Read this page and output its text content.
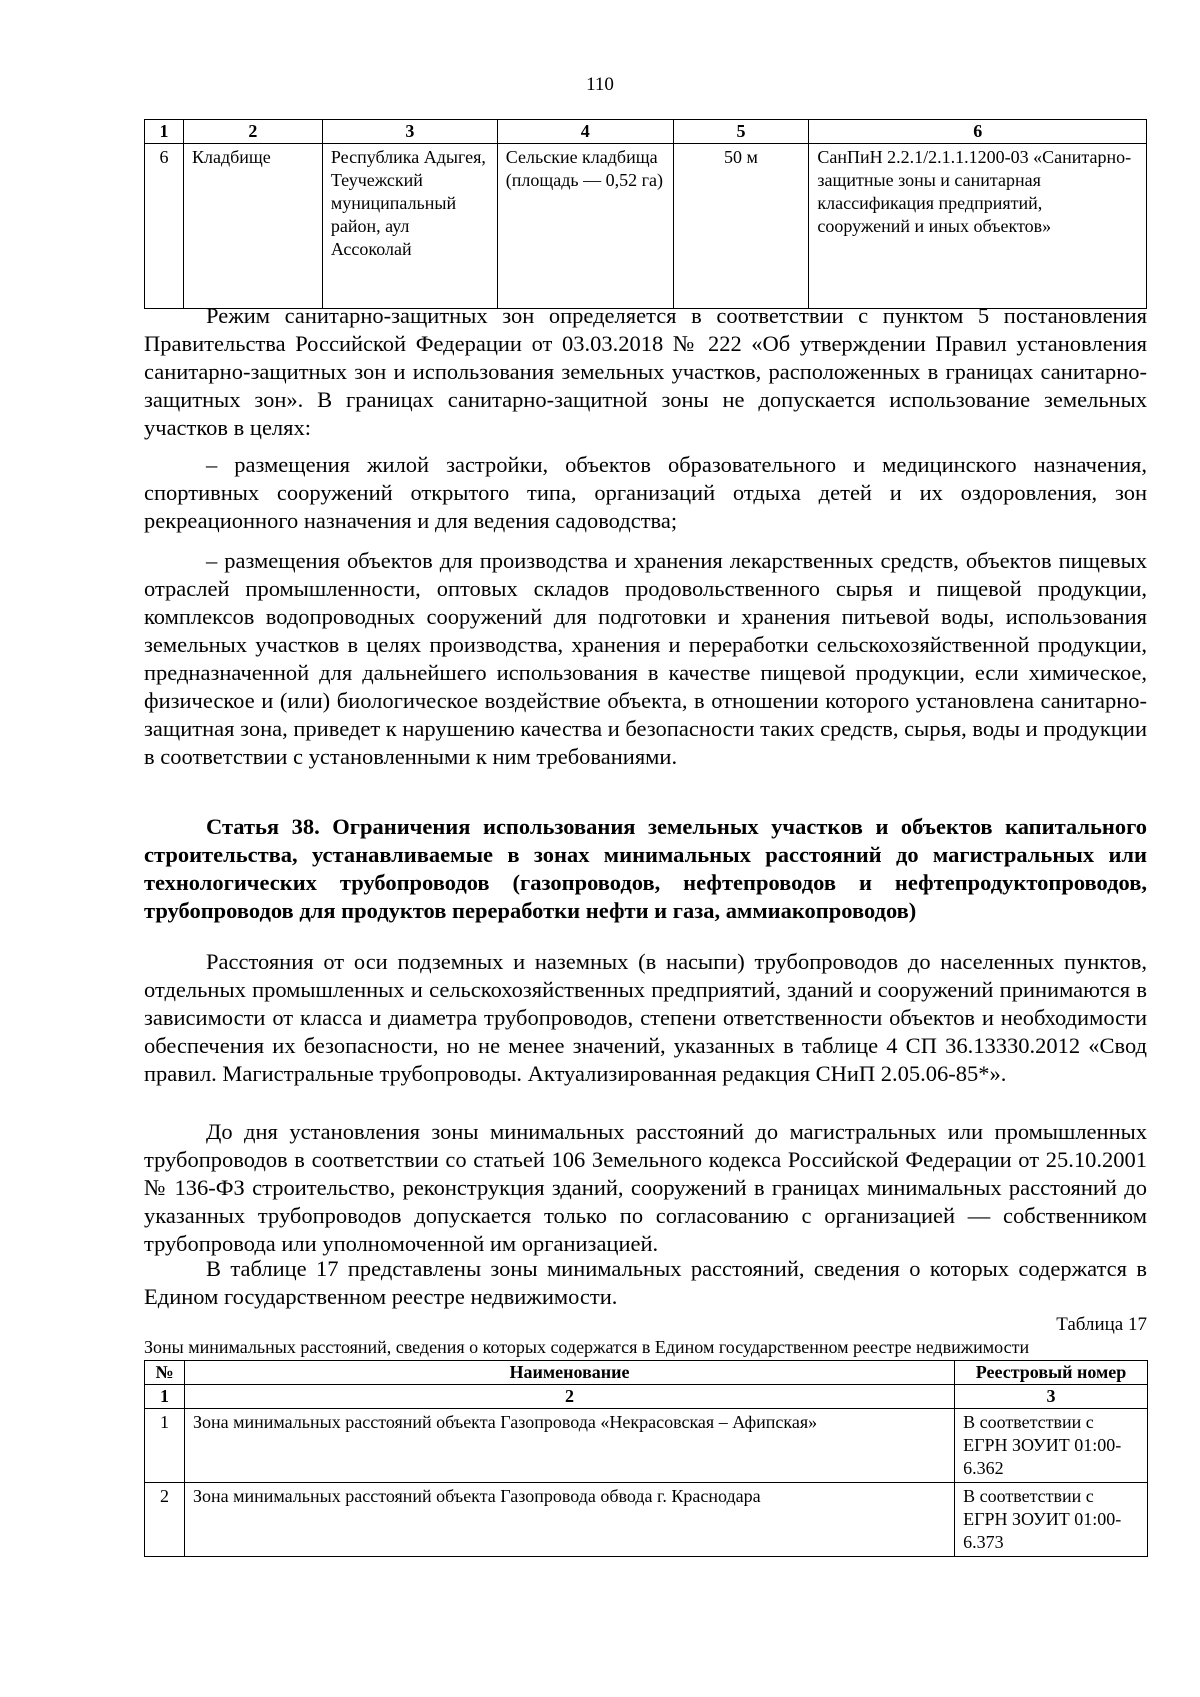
110
1	2	3	4	5	6
6	Кладбище	Республика Адыгея, Теучежский муниципальный район, аул Ассоколай	Сельские кладбища (площадь — 0,52 га)	50 м	СанПиН 2.2.1/2.1.1.1200-03 «Санитарно-защитные зоны и санитарная классификация предприятий, сооружений и иных объектов»

Режим санитарно-защитных зон определяется в соответствии с пунктом 5 постановления Правительства Российской Федерации от 03.03.2018 № 222 «Об утверждении Правил установления санитарно-защитных зон и использования земельных участков, расположенных в границах санитарно-защитных зон». В границах санитарно-защитной зоны не допускается использование земельных участков в целях:

– размещения жилой застройки, объектов образовательного и медицинского назначения, спортивных сооружений открытого типа, организаций отдыха детей и их оздоровления, зон рекреационного назначения и для ведения садоводства;

– размещения объектов для производства и хранения лекарственных средств, объектов пищевых отраслей промышленности, оптовых складов продовольственного сырья и пищевой продукции, комплексов водопроводных сооружений для подготовки и хранения питьевой воды, использования земельных участков в целях производства, хранения и переработки сельскохозяйственной продукции, предназначенной для дальнейшего использования в качестве пищевой продукции, если химическое, физическое и (или) биологическое воздействие объекта, в отношении которого установлена санитарно-защитная зона, приведет к нарушению качества и безопасности таких средств, сырья, воды и продукции в соответствии с установленными к ним требованиями.

Статья 38. Ограничения использования земельных участков и объектов капитального строительства, устанавливаемые в зонах минимальных расстояний до магистральных или технологических трубопроводов (газопроводов, нефтепроводов и нефтепродуктопроводов, трубопроводов для продуктов переработки нефти и газа, аммиакопроводов)

Расстояния от оси подземных и наземных (в насыпи) трубопроводов до населенных пунктов, отдельных промышленных и сельскохозяйственных предприятий, зданий и сооружений принимаются в зависимости от класса и диаметра трубопроводов, степени ответственности объектов и необходимости обеспечения их безопасности, но не менее значений, указанных в таблице 4 СП 36.13330.2012 «Свод правил. Магистральные трубопроводы. Актуализированная редакция СНиП 2.05.06-85*».

До дня установления зоны минимальных расстояний до магистральных или промышленных трубопроводов в соответствии со статьей 106 Земельного кодекса Российской Федерации от 25.10.2001 № 136-ФЗ строительство, реконструкция зданий, сооружений в границах минимальных расстояний до указанных трубопроводов допускается только по согласованию с организацией — собственником трубопровода или уполномоченной им организацией.

В таблице 17 представлены зоны минимальных расстояний, сведения о которых содержатся в Едином государственном реестре недвижимости.

Таблица 17
Зоны минимальных расстояний, сведения о которых содержатся в Едином государственном реестре недвижимости
№	Наименование	Реестровый номер
1	2	3
1	Зона минимальных расстояний объекта Газопровода «Некрасовская – Афипская»	В соответствии с ЕГРН ЗОУИТ 01:00-6.362
2	Зона минимальных расстояний объекта Газопровода обвода г. Краснодара	В соответствии с ЕГРН ЗОУИТ 01:00-6.373
